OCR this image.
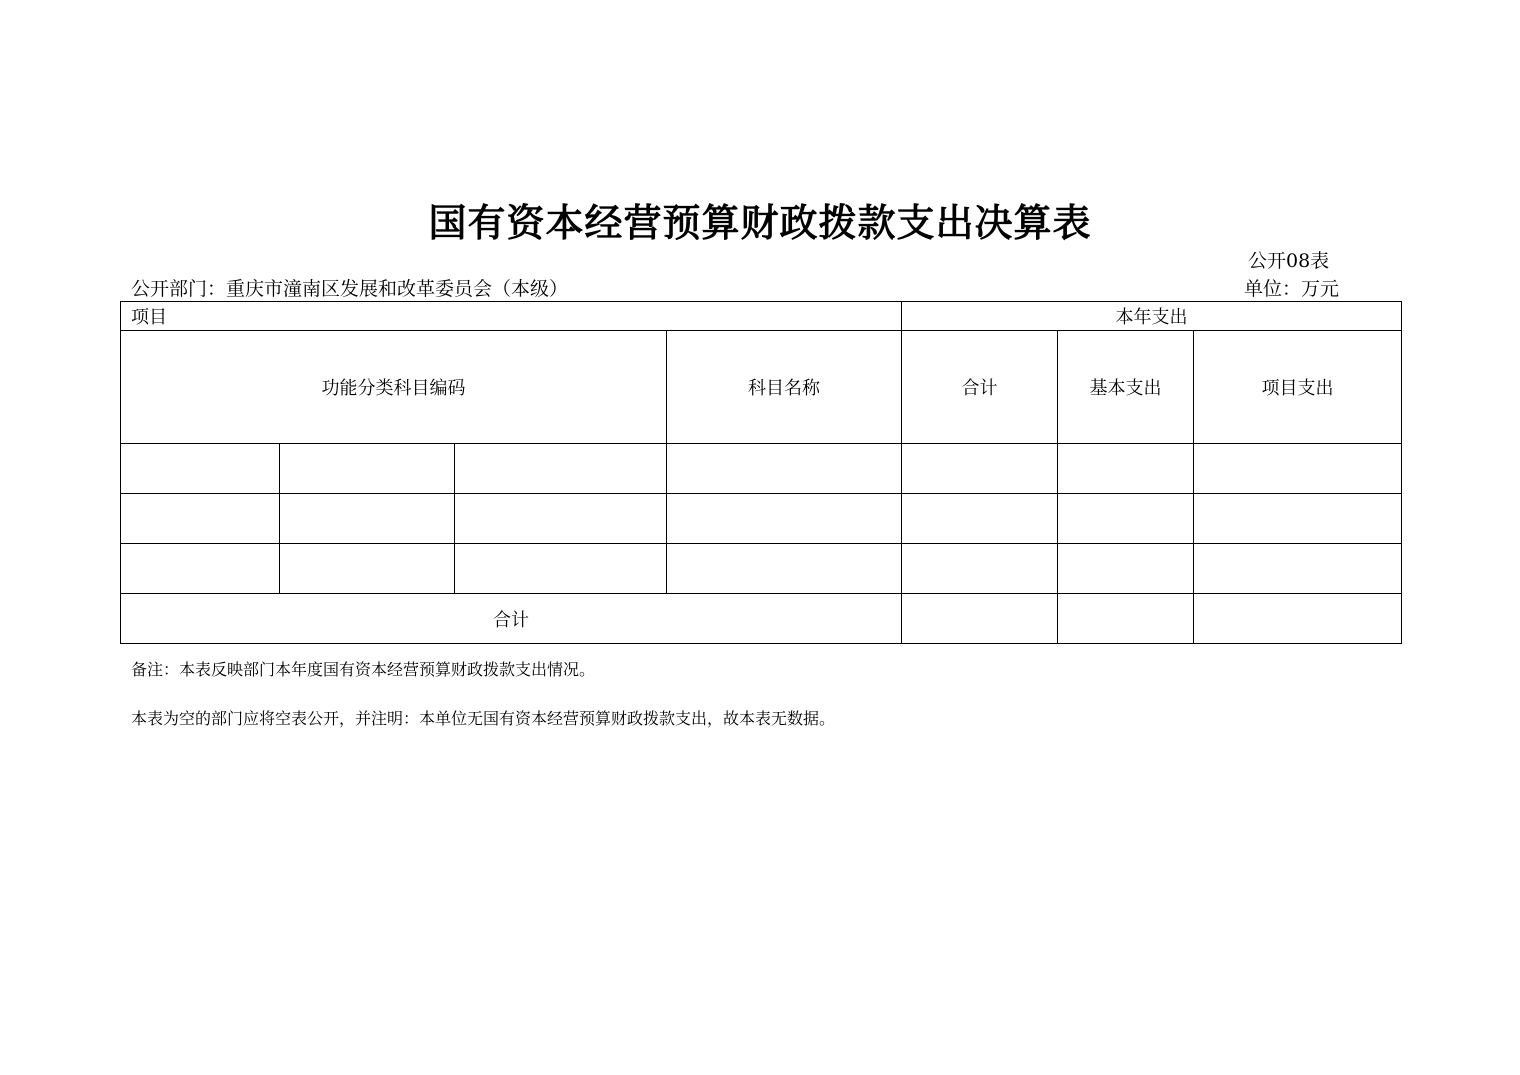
国有资本经营预算财政拨款支出决算表
公开08表
单位：万元
公开部门：重庆市潼南区发展和改革委员会（本级）
项目				本年支出		
功能分类科目编码			科目名称	合计	基本支出	项目支出

合计						
备注：本表反映部门本年度国有资本经营预算财政拨款支出情况。
本表为空的部门应将空表公开，并注明：本单位无国有资本经营预算财政拨款支出，故本表无数据。
